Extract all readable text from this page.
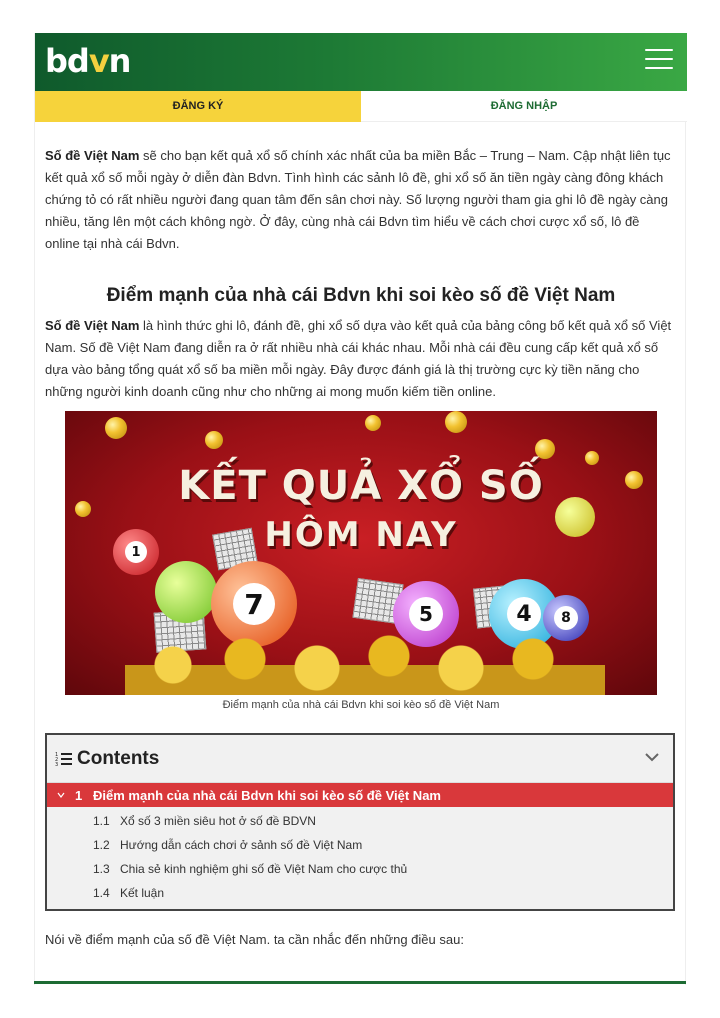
bdvn
ĐĂNG KÝ	ĐĂNG NHẬP

Số đề Việt Nam sẽ cho bạn kết quả xổ số chính xác nhất của ba miền Bắc – Trung – Nam. Cập nhật liên tục kết quả xổ số mỗi ngày ở diễn đàn Bdvn. Tình hình các sảnh lô đề, ghi xổ số ăn tiền ngày càng đông khách chứng tỏ có rất nhiều người đang quan tâm đến sân chơi này. Số lượng người tham gia ghi lô đề ngày càng nhiều, tăng lên một cách không ngờ. Ở đây, cùng nhà cái Bdvn tìm hiểu về cách chơi cược xổ số, lô đề online tại nhà cái Bdvn.

Điểm mạnh của nhà cái Bdvn khi soi kèo số đề Việt Nam

Số đề Việt Nam là hình thức ghi lô, đánh đề, ghi xổ số dựa vào kết quả của bảng công bố kết quả xổ số Việt Nam. Số đề Việt Nam đang diễn ra ở rất nhiều nhà cái khác nhau. Mỗi nhà cái đều cung cấp kết quả xổ số dựa vào bảng tổng quát xổ số ba miền mỗi ngày. Đây được đánh giá là thị trường cực kỳ tiền năng cho những người kinh doanh cũng như cho những ai mong muốn kiếm tiền online.

KẾT QUẢ XỔ SỐ
HÔM NAY
1
7	5	4	8
Điểm mạnh của nhà cái Bdvn khi soi kèo số đề Việt Nam
1
2
3 Contents
1 Điểm mạnh của nhà cái Bdvn khi soi kèo số đề Việt Nam
1.1 Xổ số 3 miền siêu hot ở số đề BDVN
1.2 Hướng dẫn cách chơi ở sảnh số đề Việt Nam
1.3 Chia sẻ kinh nghiệm ghi số đề Việt Nam cho cược thủ
1.4 Kết luận

Nói về điểm mạnh của số đề Việt Nam. ta cần nhắc đến những điều sau:
